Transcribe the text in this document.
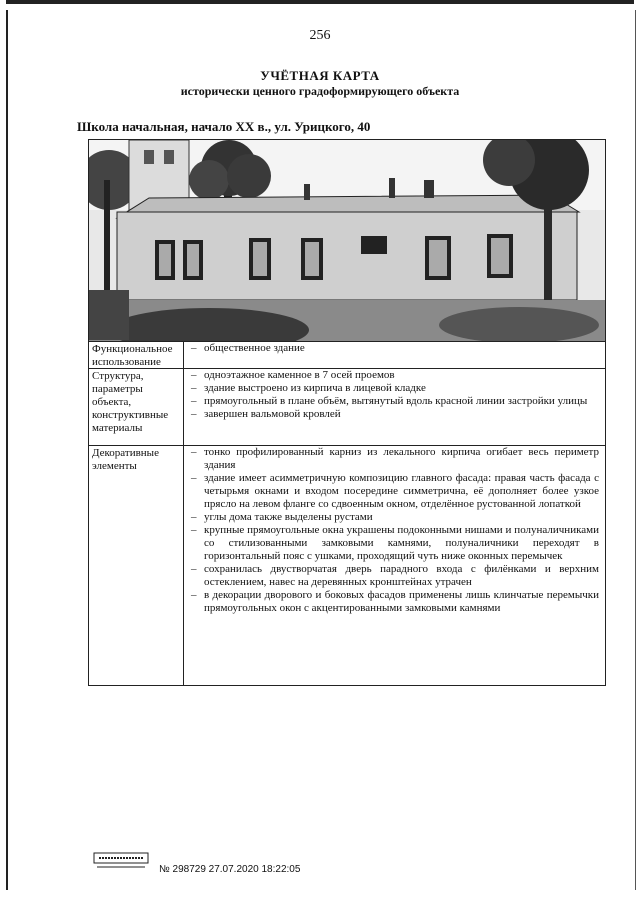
256
УЧЁТНАЯ КАРТА
исторически ценного градоформирующего объекта
Школа начальная, начало XX в., ул. Урицкого, 40
Функциональное использование
– общественное здание
Структура, параметры объекта, конструктивные материалы
– одноэтажное каменное в 7 осей проемов
– здание выстроено из кирпича в лицевой кладке
– прямоугольный в плане объём, вытянутый вдоль красной линии застройки улицы
– завершен вальмовой кровлей
Декоративные элементы
– тонко профилированный карниз из лекального кирпича огибает весь периметр здания
– здание имеет асимметричную композицию главного фасада: правая часть фасада с четырьмя окнами и входом посередине симметрична, её дополняет более узкое прясло на левом фланге со сдвоенным окном, отделённое рустованной лопаткой
– углы дома также выделены рустами
– крупные прямоугольные окна украшены подоконными нишами и полуналичниками со стилизованными замковыми камнями, полуналичники переходят в горизонтальный пояс с ушками, проходящий чуть ниже оконных перемычек
– сохранилась двустворчатая дверь парадного входа с филёнками и верхним остеклением, навес на деревянных кронштейнах утрачен
– в декорации дворового и боковых фасадов применены лишь клинчатые перемычки прямоугольных окон с акцентированными замковыми камнями
№ 298729 27.07.2020 18:22:05
